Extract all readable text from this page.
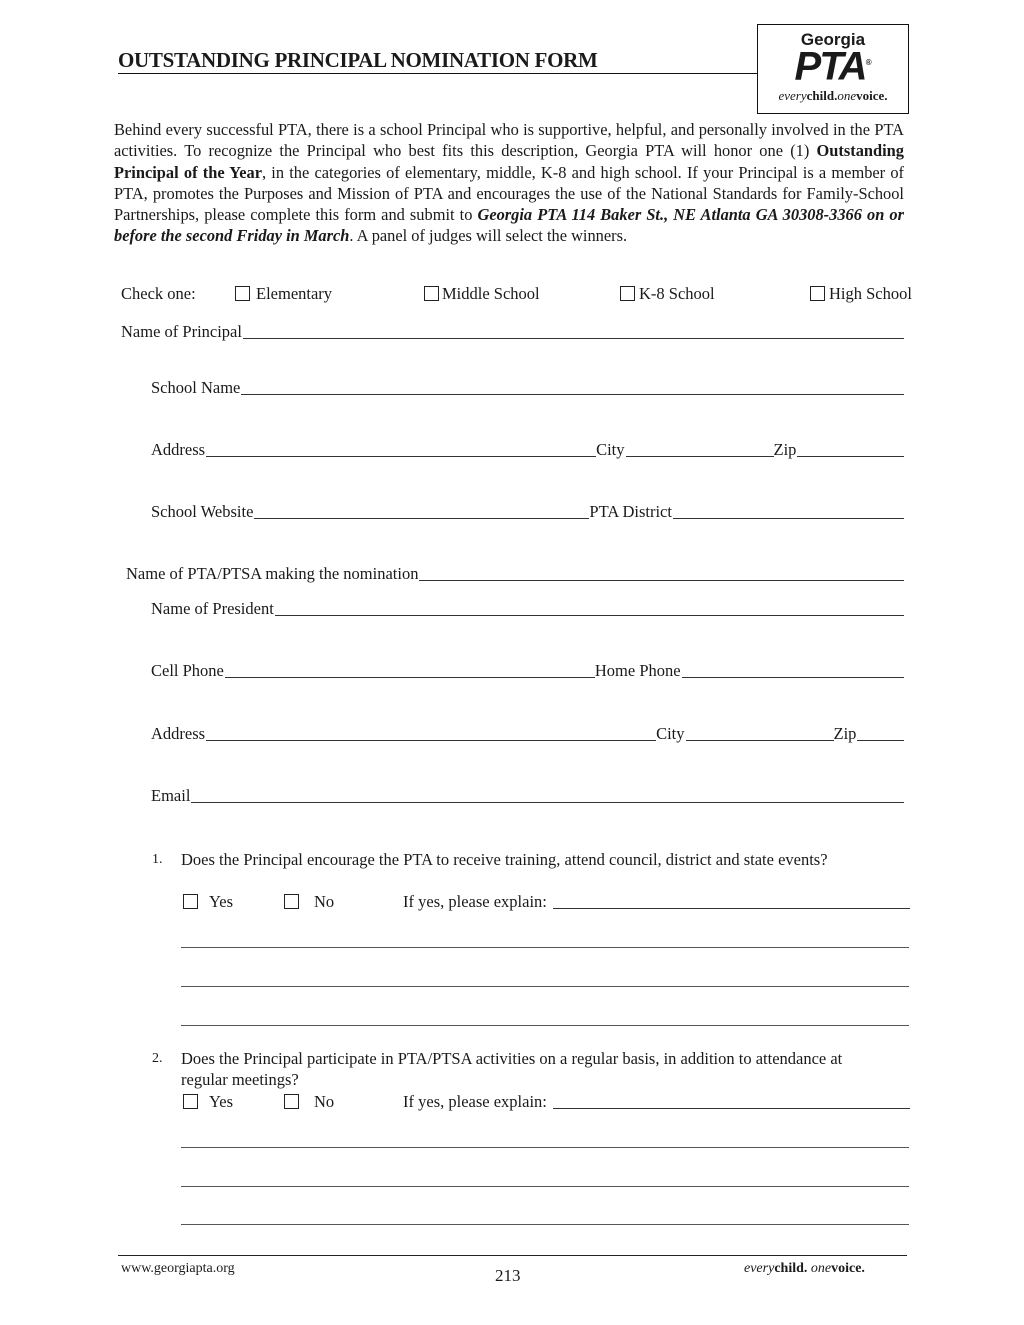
OUTSTANDING PRINCIPAL NOMINATION FORM
Georgia
PTA®
everychild.onevoice.
Behind every successful PTA, there is a school Principal who is supportive, helpful, and personally involved in the PTA activities. To recognize the Principal who best fits this description, Georgia PTA will honor one (1) Outstanding Principal of the Year, in the categories of elementary, middle, K-8 and high school. If your Principal is a member of PTA, promotes the Purposes and Mission of PTA and encourages the use of the National Standards for Family-School Partnerships, please complete this form and submit to Georgia PTA 114 Baker St., NE Atlanta GA 30308-3366 on or before the second Friday in March. A panel of judges will select the winners.
Check one:	Elementary	Middle School	K-8 School	High School
Name of Principal
School Name
Address	City	Zip
School Website	PTA District
Name of PTA/PTSA making the nomination
Name of President
Cell Phone	Home Phone
Address	City	Zip
Email
1. Does the Principal encourage the PTA to receive training, attend council, district and state events?
Yes	No	If yes, please explain:
2. Does the Principal participate in PTA/PTSA activities on a regular basis, in addition to attendance at regular meetings?
Yes	No	If yes, please explain:
www.georgiapta.org	213	everychild. onevoice.
